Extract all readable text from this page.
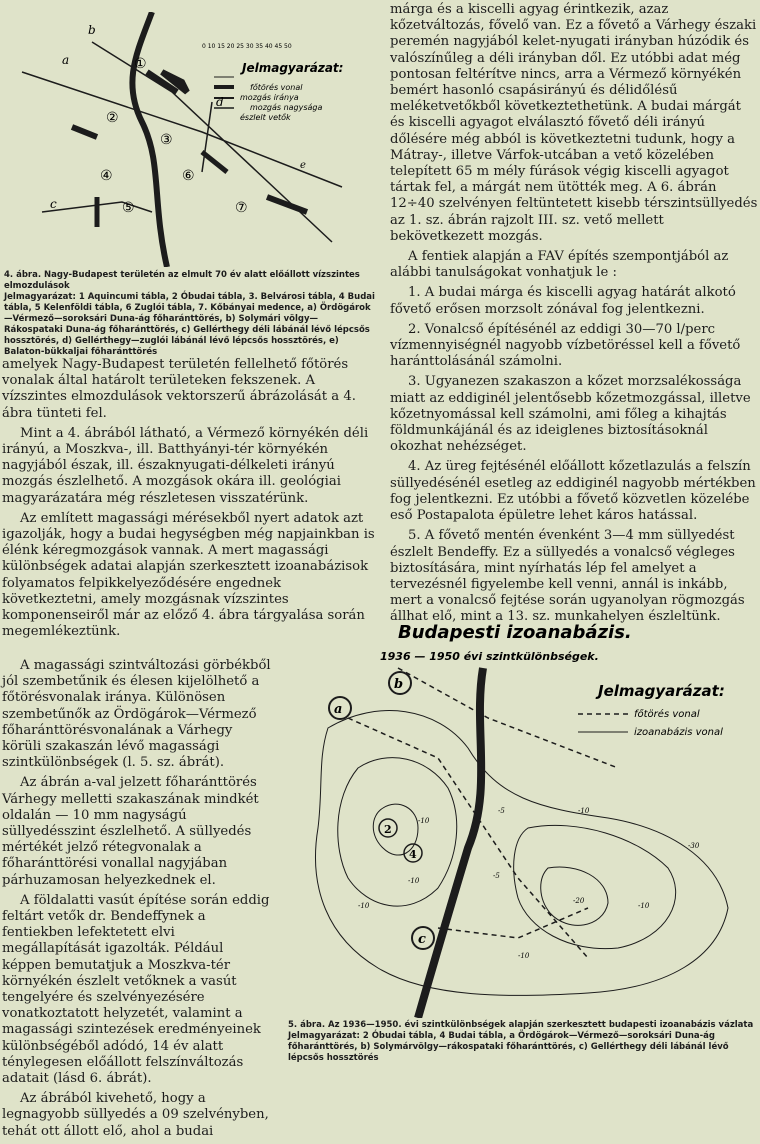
0 10 15 20 25 30 35 40 45 50
Jelmagyarázat:
főtörés vonal
mozgás iránya
mozgás nagysága
észlelt vetők
①
②
③
④
⑤
⑥
⑦
a
b
c
d
e

4. ábra. Nagy-Budapest területén az elmult 70 év alatt előállott vízszintes elmozdulások

Jelmagyarázat: 1 Aquincumi tábla, 2 Óbudai tábla, 3. Belvárosi tábla, 4 Budai tábla, 5 Kelenföldi tábla, 6 Zuglói tábla, 7. Kőbányai medence, a) Ördögárok—Vérmező—soroksári Duna-ág főharánttörés, b) Solymári völgy—Rákospataki Duna-ág főharánttörés, c) Gellérthegy déli lábánál lévő lépcsős hossztörés, d) Gellérthegy—zuglói lábánál lévő lépcsős hossztörés, e) Balaton-bükkaljai főharánttörés

amelyek Nagy-Budapest területén fellelhető főtörés vonalak által határolt területeken fekszenek. A vízszintes elmozdulások vektorszerű ábrázolását a 4. ábra tünteti fel.

Mint a 4. ábrából látható, a Vérmező környékén déli irányú, a Moszkva-, ill. Batthyányi-tér környékén nagyjából észak, ill. északnyugati-délkeleti irányú mozgás észlelhető. A mozgások okára ill. geológiai magyarázatára még részletesen visszatérünk.

Az említett magassági mérésekből nyert adatok azt igazolják, hogy a budai hegységben még napjainkban is élénk kéregmozgások vannak. A mert magassági különbségek adatai alapján szerkesztett izoanabázisok folyamatos felpikkelyeződésére engednek következtetni, amely mozgásnak vízszintes komponenseiről már az előző 4. ábra tárgyalása során megemlékeztünk.

A magassági szintváltozási görbékből jól szembetűnik és élesen kijelölhető a főtörésvonalak iránya. Különösen szembetűnők az Ördögárok—Vérmező főharánttörésvonalának a Várhegy körüli szakaszán lévő magassági szintkülönbségek (l. 5. sz. ábrát).

Az ábrán a-val jelzett főharánttörés Várhegy melletti szakaszának mindkét oldalán — 10 mm nagyságú süllyedésszint észlelhető. A süllyedés mértékét jelző rétegvonalak a főharánttörési vonallal nagyjában párhuzamosan helyezkednek el.

A földalatti vasút építése során eddig feltárt vetők dr. Bendeffynek a fentiekben lefektetett elvi megállapítását igazolták. Például képpen bemutatjuk a Moszkva-tér környékén észlelt vetőknek a vasút tengelyére és szelvényezésére vonatkoztatott helyzetét, valamint a magassági szintezések eredményeinek különbségéből adódó, 14 év alatt ténylegesen előállott felszínváltozás adatait (lásd 6. ábrát).

Az ábrából kivehető, hogy a legnagyobb süllyedés a 09 szelvényben, tehát ott állott elő, ahol a budai

márga és a kiscelli agyag érintkezik, azaz kőzetváltozás, fővelő van. Ez a fővető a Várhegy északi peremén nagyjából kelet-nyugati irányban húzódik és valószínűleg a déli irányban dől. Ez utóbbi adat még pontosan feltérítve nincs, arra a Vérmező környékén bemért hasonló csapásirányú és délidőlésű meléketvetőkből következtethetünk. A budai márgát és kiscelli agyagot elválasztó fővető déli irányú dőlésére még abból is következtetni tudunk, hogy a Mátray-, illetve Várfok-utcában a vető közelében telepített 65 m mély fúrások végig kiscelli agyagot tártak fel, a márgát nem ütötték meg. A 6. ábrán 12÷40 szelvényen feltüntetett kisebb térszintsüllyedés az 1. sz. ábrán rajzolt III. sz. vető mellett bekövetkezett mozgás.

A fentiek alapján a FAV építés szempontjából az alábbi tanulságokat vonhatjuk le :

1. A budai márga és kiscelli agyag határát alkotó fővető erősen morzsolt zónával fog jelentkezni.

2. Vonalcső építésénél az eddigi 30—70 l/perc vízmennyiségnél nagyobb vízbetöréssel kell a fővető haránttolásánál számolni.

3. Ugyanezen szakaszon a kőzet morzsalékossága miatt az eddiginél jelentősebb kőzetmozgással, illetve kőzetnyomással kell számolni, ami főleg a kihajtás földmunkájánál és az ideiglenes biztosításoknál okozhat nehézséget.

4. Az üreg fejtésénél előállott kőzetlazulás a felszín süllyedésénél esetleg az eddiginél nagyobb mértékben fog jelentkezni. Ez utóbbi a fővető közvetlen közelébe eső Postapalota épületre lehet káros hatással.

5. A fővető mentén évenként 3—4 mm süllyedést észlelt Bendeffy. Ez a süllyedés a vonalcső végleges biztosítására, mint nyírhatás lép fel amelyet a tervezésnél figyelembe kell venni, annál is inkább, mert a vonalcső fejtése során ugyanolyan rögmozgás állhat elő, mint a 13. sz. munkahelyen észleltünk.

Budapesti izoanabázis.
1936 — 1950 évi szintkülönbségek.
Jelmagyarázat:
főtörés vonal
izoanabázis vonal
a
b
c
2
4
-10
-10
-5
-5	-10
-30
-20
-10
-10
-10

5. ábra. Az 1936—1950. évi szintkülönbségek alapján szerkesztett budapesti izoanabázis vázlata

Jelmagyarázat: 2 Óbudai tábla, 4 Budai tábla, a Ördögárok—Vérmező—soroksári Duna-ág főharánttörés, b) Solymárvölgy—rákospataki főharánttörés, c) Gellérthegy déli lábánál lévő lépcsős hossztörés
